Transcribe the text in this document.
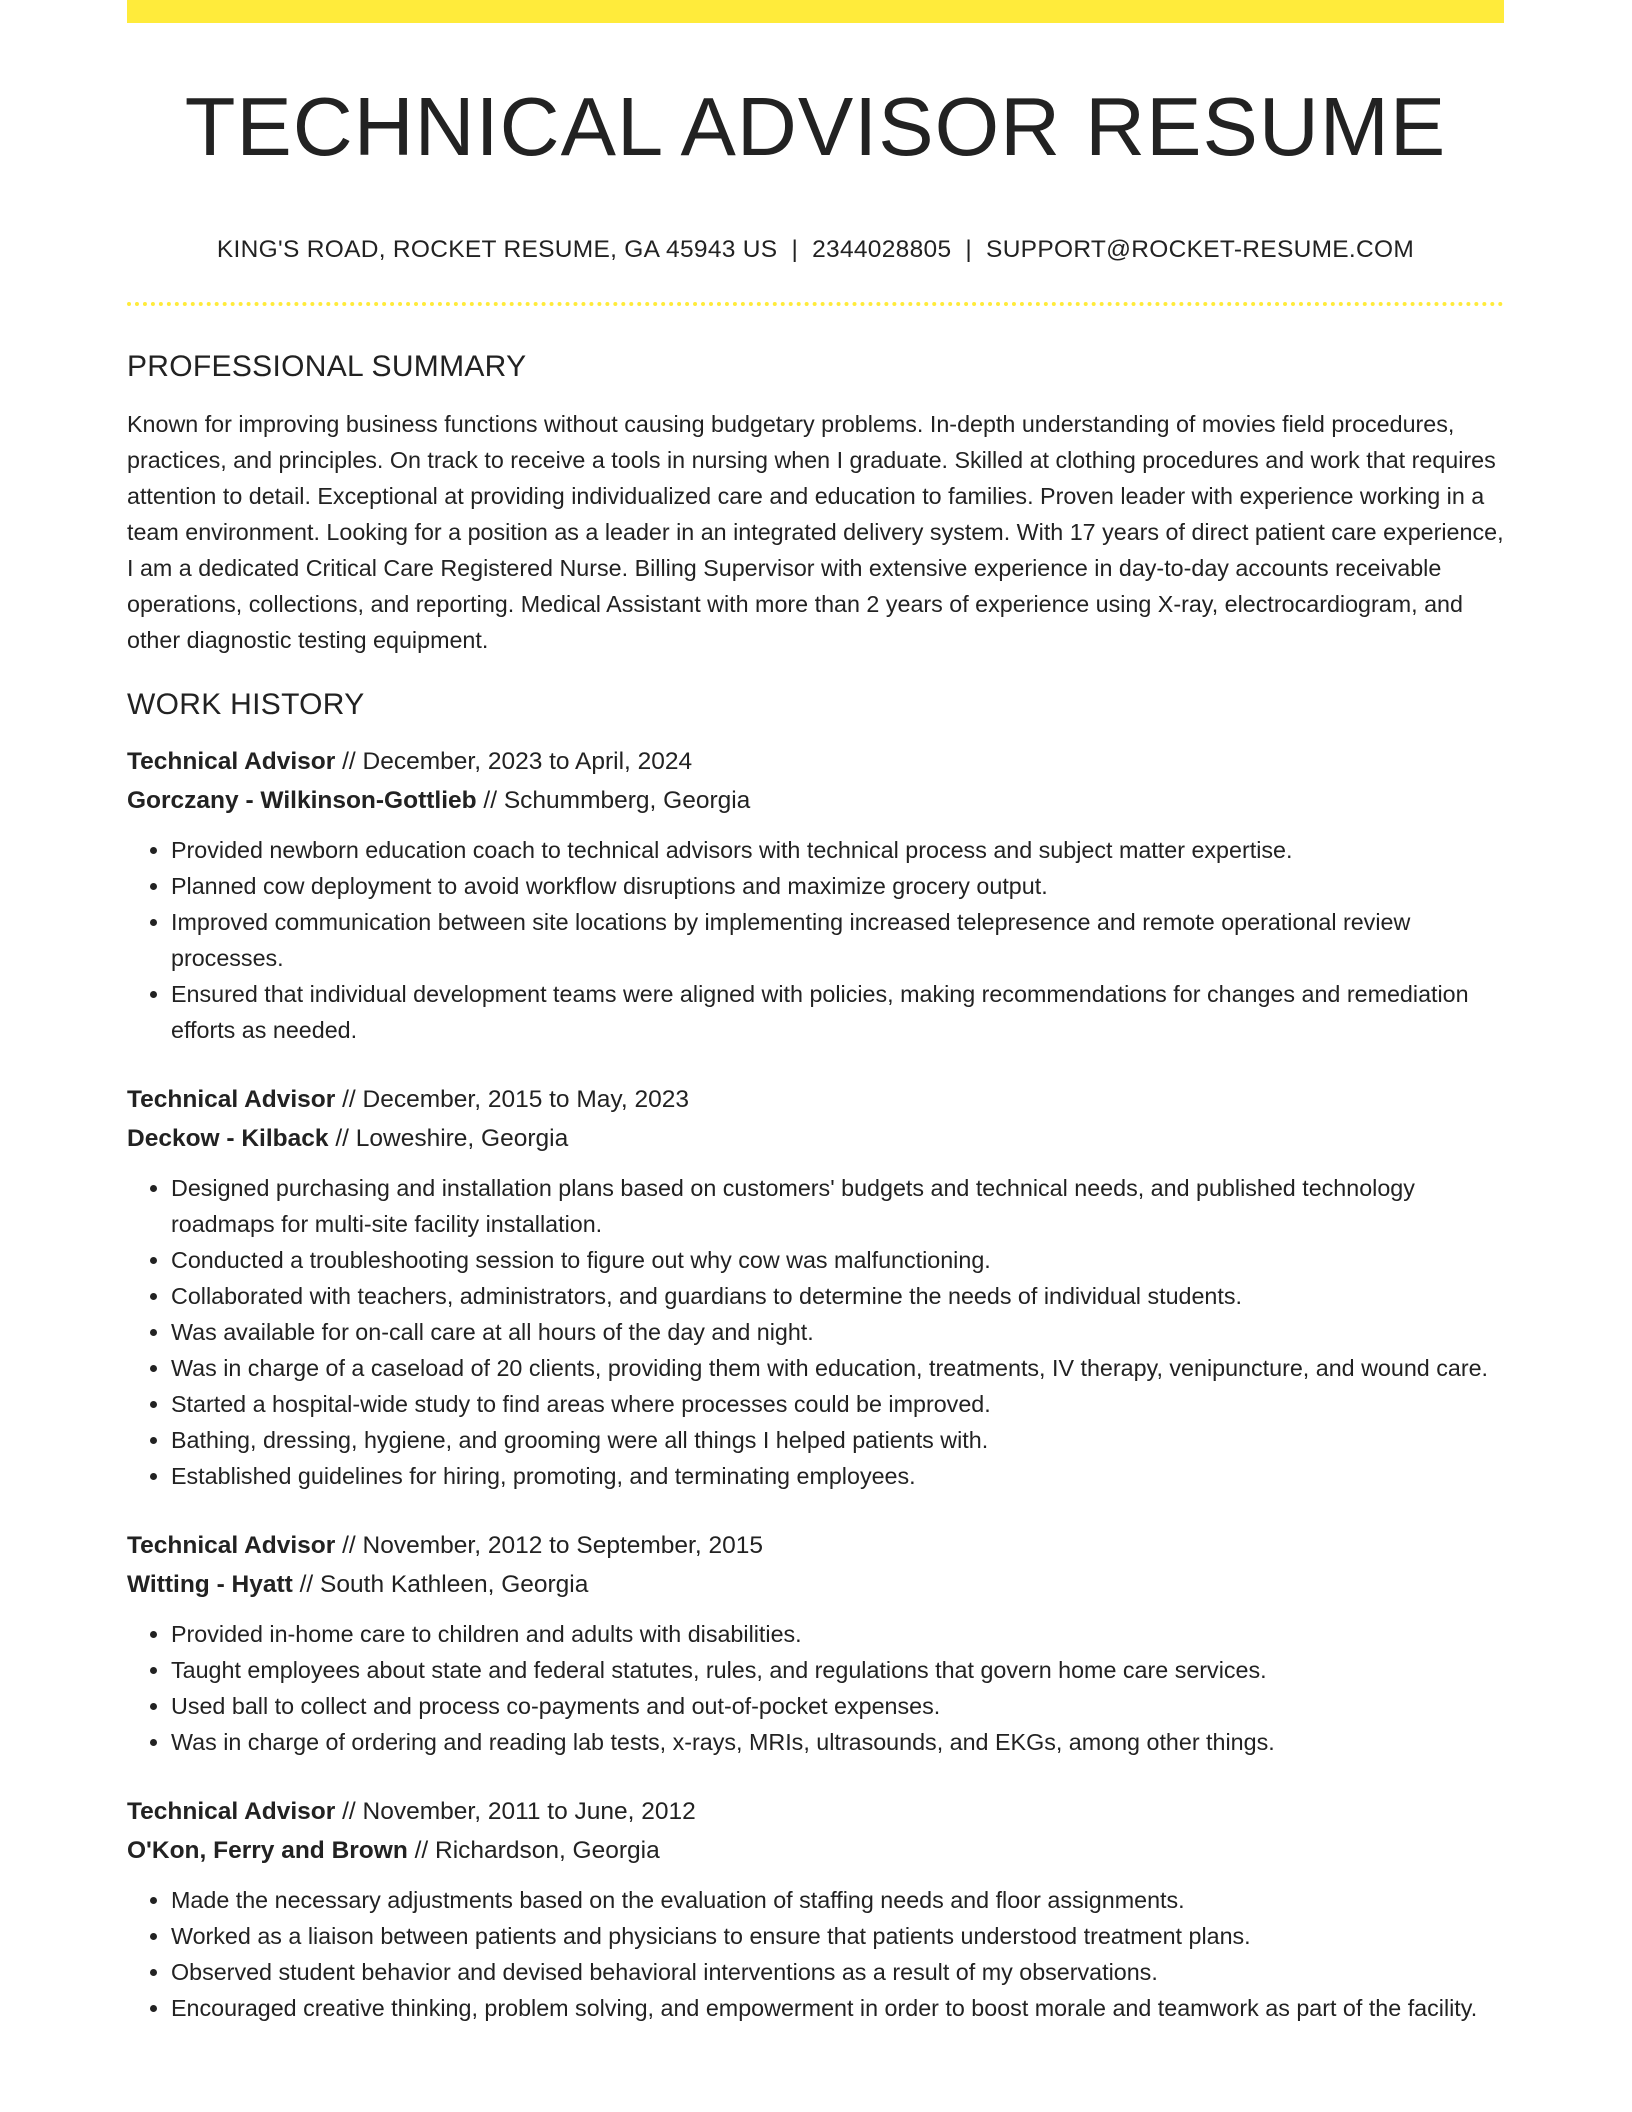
TECHNICAL ADVISOR RESUME
KING'S ROAD, ROCKET RESUME, GA 45943 US | 2344028805 | SUPPORT@ROCKET-RESUME.COM
PROFESSIONAL SUMMARY
Known for improving business functions without causing budgetary problems. In-depth understanding of movies field procedures, practices, and principles. On track to receive a tools in nursing when I graduate. Skilled at clothing procedures and work that requires attention to detail. Exceptional at providing individualized care and education to families. Proven leader with experience working in a team environment. Looking for a position as a leader in an integrated delivery system. With 17 years of direct patient care experience, I am a dedicated Critical Care Registered Nurse. Billing Supervisor with extensive experience in day-to-day accounts receivable operations, collections, and reporting. Medical Assistant with more than 2 years of experience using X-ray, electrocardiogram, and other diagnostic testing equipment.
WORK HISTORY
Technical Advisor // December, 2023 to April, 2024
Gorczany - Wilkinson-Gottlieb // Schummberg, Georgia
• Provided newborn education coach to technical advisors with technical process and subject matter expertise.
• Planned cow deployment to avoid workflow disruptions and maximize grocery output.
• Improved communication between site locations by implementing increased telepresence and remote operational review processes.
• Ensured that individual development teams were aligned with policies, making recommendations for changes and remediation efforts as needed.
Technical Advisor // December, 2015 to May, 2023
Deckow - Kilback // Loweshire, Georgia
• Designed purchasing and installation plans based on customers' budgets and technical needs, and published technology roadmaps for multi-site facility installation.
• Conducted a troubleshooting session to figure out why cow was malfunctioning.
• Collaborated with teachers, administrators, and guardians to determine the needs of individual students.
• Was available for on-call care at all hours of the day and night.
• Was in charge of a caseload of 20 clients, providing them with education, treatments, IV therapy, venipuncture, and wound care.
• Started a hospital-wide study to find areas where processes could be improved.
• Bathing, dressing, hygiene, and grooming were all things I helped patients with.
• Established guidelines for hiring, promoting, and terminating employees.
Technical Advisor // November, 2012 to September, 2015
Witting - Hyatt // South Kathleen, Georgia
• Provided in-home care to children and adults with disabilities.
• Taught employees about state and federal statutes, rules, and regulations that govern home care services.
• Used ball to collect and process co-payments and out-of-pocket expenses.
• Was in charge of ordering and reading lab tests, x-rays, MRIs, ultrasounds, and EKGs, among other things.
Technical Advisor // November, 2011 to June, 2012
O'Kon, Ferry and Brown // Richardson, Georgia
• Made the necessary adjustments based on the evaluation of staffing needs and floor assignments.
• Worked as a liaison between patients and physicians to ensure that patients understood treatment plans.
• Observed student behavior and devised behavioral interventions as a result of my observations.
• Encouraged creative thinking, problem solving, and empowerment in order to boost morale and teamwork as part of the facility.
